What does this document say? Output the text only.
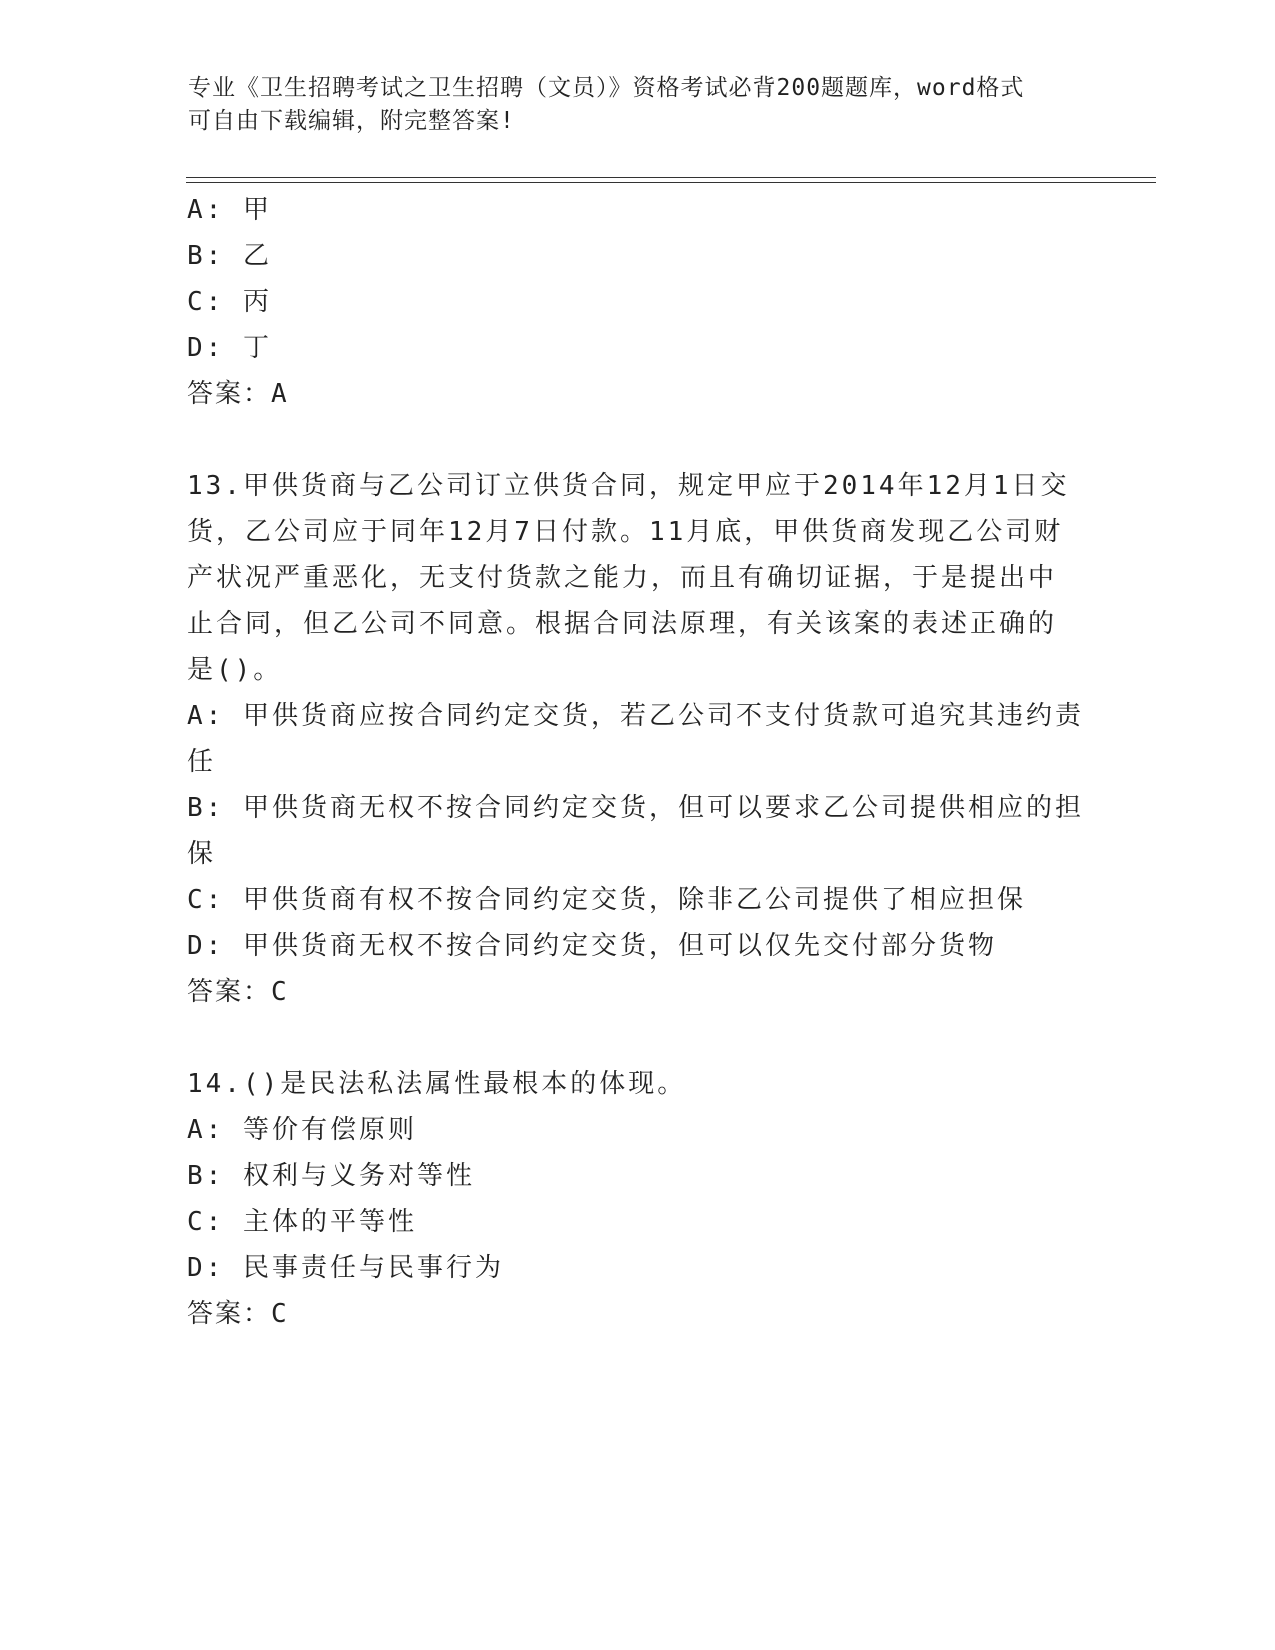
专业《卫生招聘考试之卫生招聘（文员）》资格考试必背200题题库，word格式
可自由下载编辑，附完整答案!
A: 甲
B: 乙
C: 丙
D: 丁
答案：A
13.甲供货商与乙公司订立供货合同，规定甲应于2014年12月1日交
货，乙公司应于同年12月7日付款。11月底，甲供货商发现乙公司财
产状况严重恶化，无支付货款之能力，而且有确切证据，于是提出中
止合同，但乙公司不同意。根据合同法原理，有关该案的表述正确的
是()。
A: 甲供货商应按合同约定交货，若乙公司不支付货款可追究其违约责
任
B: 甲供货商无权不按合同约定交货，但可以要求乙公司提供相应的担
保
C: 甲供货商有权不按合同约定交货，除非乙公司提供了相应担保
D: 甲供货商无权不按合同约定交货，但可以仅先交付部分货物
答案：C
14.()是民法私法属性最根本的体现。
A: 等价有偿原则
B: 权利与义务对等性
C: 主体的平等性
D: 民事责任与民事行为
答案：C
